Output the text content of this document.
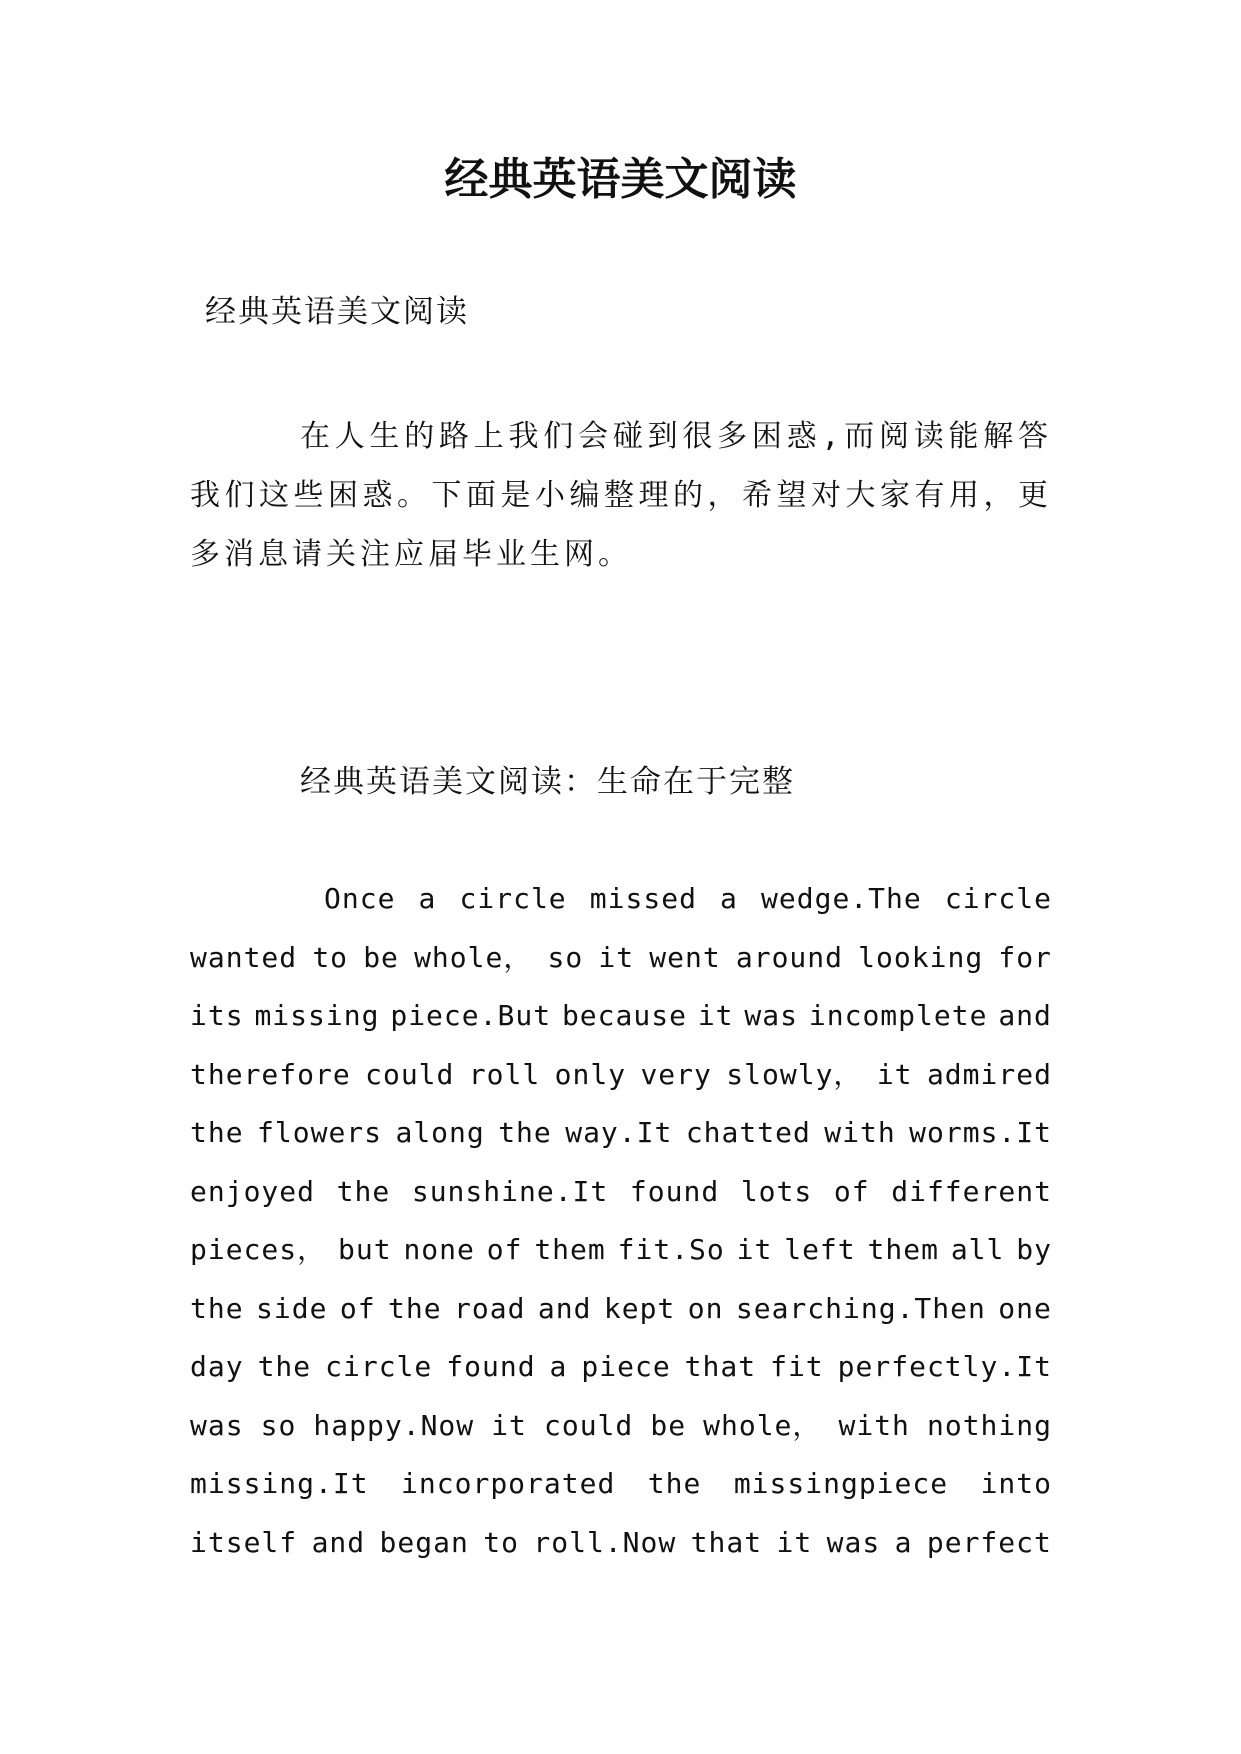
经典英语美文阅读

经典英语美文阅读

在人生的路上我们会碰到很多困惑,而阅读能解答我们这些困惑。下面是小编整理的，希望对大家有用，更多消息请关注应届毕业生网。

经典英语美文阅读：生命在于完整

Once a circle missed a wedge.The circle
wanted to be whole， so it went around looking for
its missing piece.But because it was incomplete and
therefore could roll only very slowly， it admired
the flowers along the way.It chatted with worms.It
enjoyed the sunshine.It found lots of different
pieces， but none of them fit.So it left them all by
the side of the road and kept on searching.Then one
day the circle found a piece that fit perfectly.It
was so happy.Now it could be whole， with nothing
missing.It incorporated the missingpiece into
itself and began to roll.Now that it was a perfect
